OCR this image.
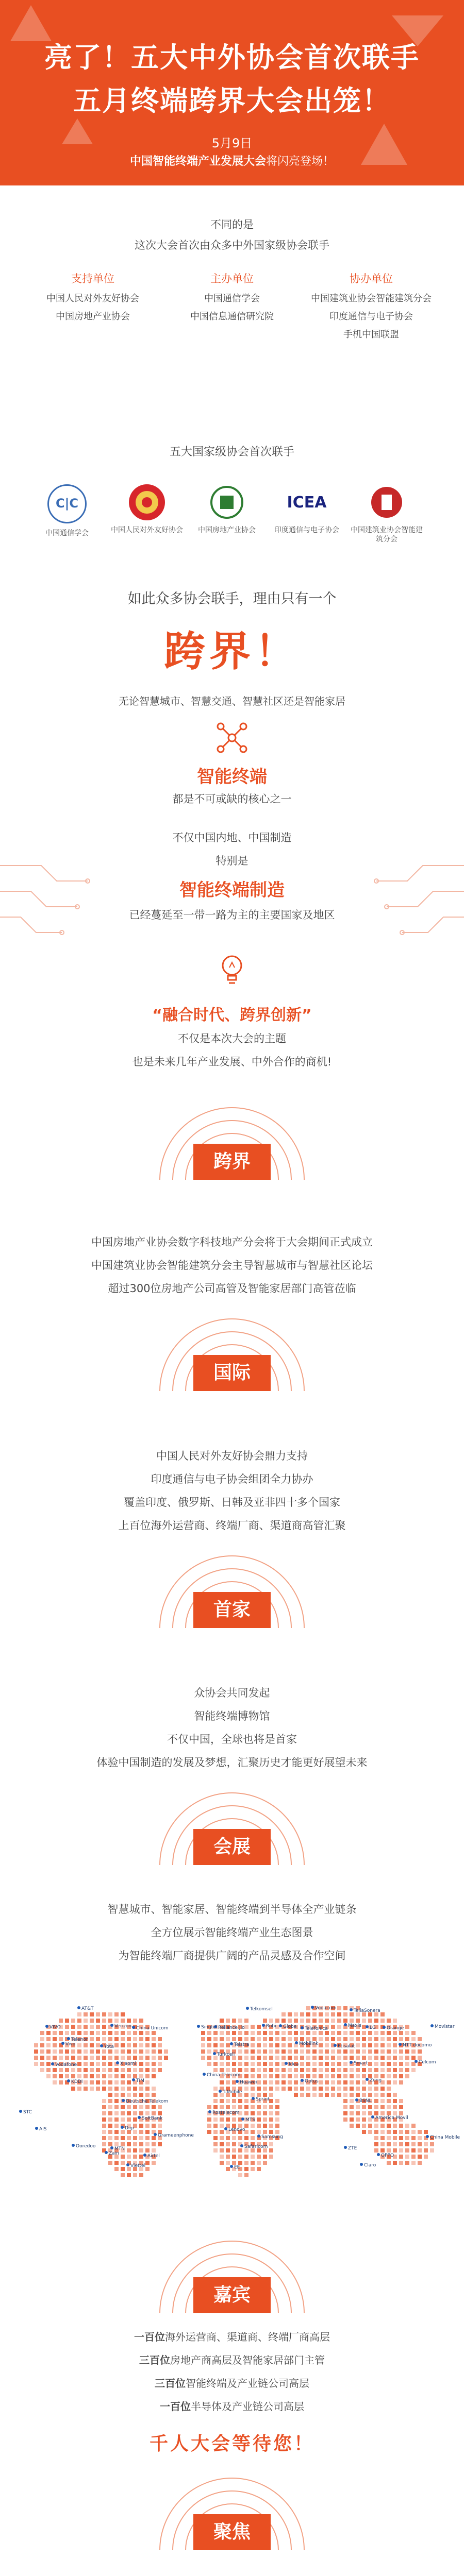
亮了！五大中外协会首次联手
五月终端跨界大会出笼！
5月9日
中国智能终端产业发展大会将闪亮登场！
不同的是
这次大会首次由众多中外国家级协会联手
支持单位
中国人民对外友好协会
中国房地产业协会
主办单位
中国通信学会
中国信息通信研究院
协办单位
中国建筑业协会智能建筑分会
印度通信与电子协会
手机中国联盟
五大国家级协会首次联手
C|C
中国通信学会	中国人民对外友好协会	中国房地产业协会
ICEA
印度通信与电子协会	中国建筑业协会智能建筑分会
如此众多协会联手，理由只有一个
跨界！
无论智慧城市、智慧交通、智慧社区还是智能家居
智能终端
都是不可或缺的核心之一
不仅中国内地、中国制造
特别是
智能终端制造
已经蔓延至一带一路为主的主要国家及地区
“融合时代、跨界创新”
不仅是本次大会的主题
也是未来几年产业发展、中外合作的商机!
跨界
中国房地产业协会数字科技地产分会将于大会期间正式成立
中国建筑业协会智能建筑分会主导智慧城市与智慧社区论坛
超过300位房地产公司高管及智能家居部门高管莅临
国际
中国人民对外友好协会鼎力支持
印度通信与电子协会组团全力协办
覆盖印度、俄罗斯、日韩及亚非四十多个国家
上百位海外运营商、终端厂商、渠道商高管汇聚
首家
众协会共同发起
智能终端博物馆
不仅中国，全球也将是首家
体验中国制造的发展及梦想，汇聚历史才能更好展望未来
会展
智慧城市、智能家居、智能终端到半导体全产业链条
全方位展示智能终端产业生态图景
为智能终端厂商提供广阔的产品灵感及合作空间
Telenor
Yota
Rostelecom
MTS
TeliaSonera
Orange
Vodafone
Deutsche Telekom
EE
Telefonica
Etisalat
STC
MTN
Airtel
Reliance Jio
Idea
BSNL
China Mobile
China Unicom
China Telecom
Huawei
ZTE
OPPO
VIVO
Xiaomi
Lenovo
Samsung
LG
NTT docomo
KDDI
SoftBank
Telkomsel
Globe
Smart
AIS
Viettel
Singtel
Telstra
Optus
America Movil
AT&T
Verizon
T-Mobile
Sprint
Claro
Movistar
Vivo
TIM
Safaricom
Vodacom
Maxis
Celcom
Digi
Grameenphone
Robi
Mobilink
Zong
Ooredoo
Zain
Turkcell
嘉宾
一百位海外运营商、渠道商、终端厂商高层
三百位房地产商高层及智能家居部门主管
三百位智能终端及产业链公司高层
一百位半导体及产业链公司高层
千人大会等待您！
聚焦
